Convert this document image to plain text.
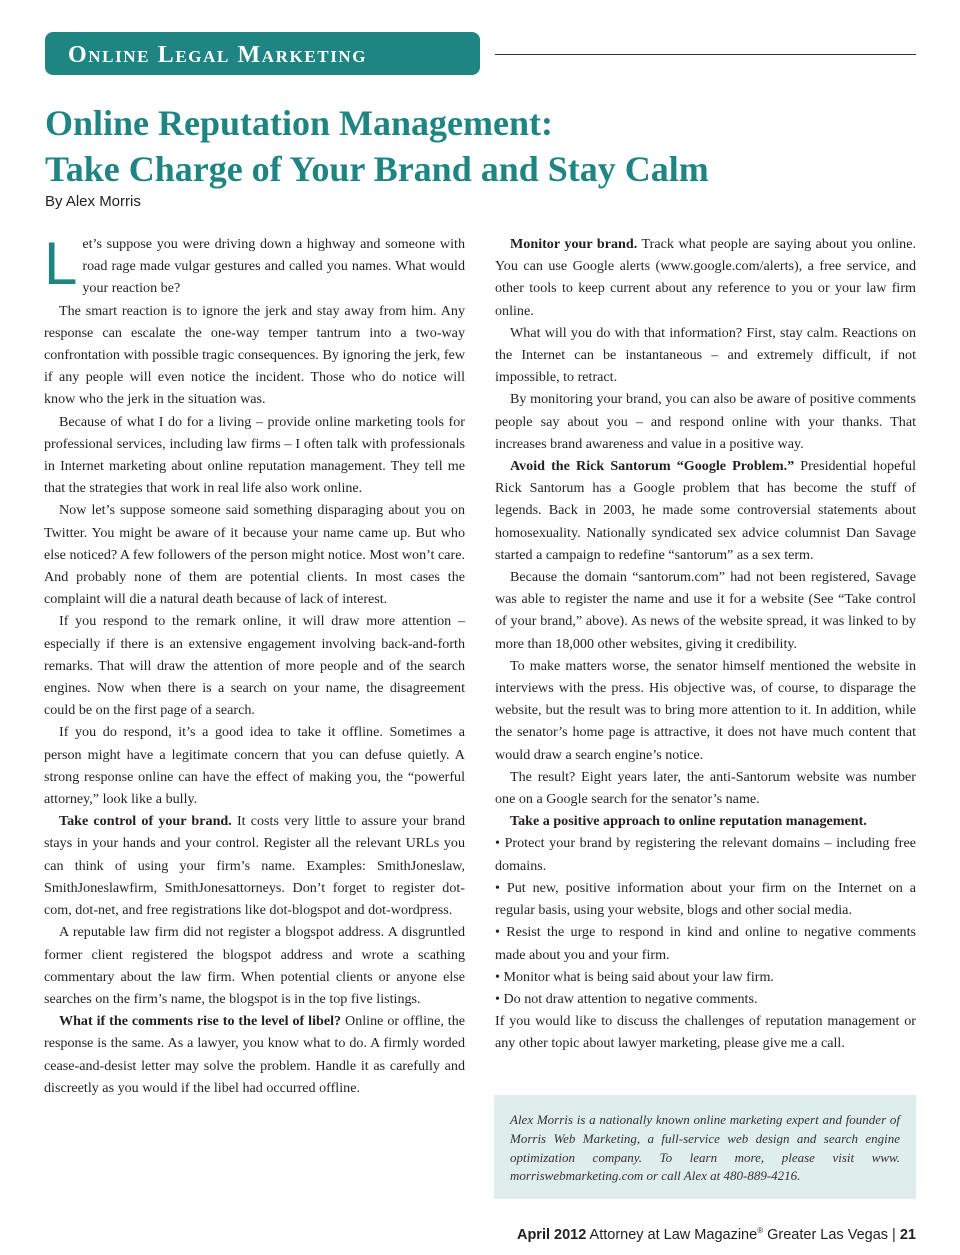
Online Legal Marketing
Online Reputation Management:
Take Charge of Your Brand and Stay Calm
By Alex Morris

Let’s suppose you were driving down a highway and someone with road rage made vulgar gestures and called you names. What would your reaction be?

The smart reaction is to ignore the jerk and stay away from him. Any response can escalate the one-way temper tantrum into a two-way confrontation with possible tragic consequences. By ignoring the jerk, few if any people will even notice the incident. Those who do notice will know who the jerk in the situation was.

Because of what I do for a living – provide online marketing tools for professional services, including law firms – I often talk with professionals in Internet marketing about online reputation management. They tell me that the strategies that work in real life also work online.

Now let’s suppose someone said something disparaging about you on Twitter. You might be aware of it because your name came up. But who else noticed? A few followers of the person might notice. Most won’t care. And probably none of them are potential clients. In most cases the complaint will die a natural death because of lack of interest.

If you respond to the remark online, it will draw more attention – especially if there is an extensive engagement involving back-and-forth remarks. That will draw the attention of more people and of the search engines. Now when there is a search on your name, the disagreement could be on the first page of a search.

If you do respond, it’s a good idea to take it offline. Sometimes a person might have a legitimate concern that you can defuse quietly. A strong response online can have the effect of making you, the “powerful attorney,” look like a bully.

Take control of your brand. It costs very little to assure your brand stays in your hands and your control. Register all the relevant URLs you can think of using your firm’s name. Examples: SmithJoneslaw, SmithJoneslawfirm, SmithJonesattorneys. Don’t forget to register dot-com, dot-net, and free registrations like dot-blogspot and dot-wordpress.

A reputable law firm did not register a blogspot address. A disgruntled former client registered the blogspot address and wrote a scathing commentary about the law firm. When potential clients or anyone else searches on the firm’s name, the blogspot is in the top five listings.

What if the comments rise to the level of libel? Online or offline, the response is the same. As a lawyer, you know what to do. A firmly worded cease-and-desist letter may solve the problem. Handle it as carefully and discreetly as you would if the libel had occurred offline.

Monitor your brand. Track what people are saying about you online. You can use Google alerts (www.google.com/alerts), a free service, and other tools to keep current about any reference to you or your law firm online.

What will you do with that information? First, stay calm. Reactions on the Internet can be instantaneous – and extremely difficult, if not impossible, to retract.

By monitoring your brand, you can also be aware of positive comments people say about you – and respond online with your thanks. That increases brand awareness and value in a positive way.

Avoid the Rick Santorum “Google Problem.” Presidential hopeful Rick Santorum has a Google problem that has become the stuff of legends. Back in 2003, he made some controversial statements about homosexuality. Nationally syndicated sex advice columnist Dan Savage started a campaign to redefine “santorum” as a sex term.

Because the domain “santorum.com” had not been registered, Savage was able to register the name and use it for a website (See “Take control of your brand,” above). As news of the website spread, it was linked to by more than 18,000 other websites, giving it credibility.

To make matters worse, the senator himself mentioned the website in interviews with the press. His objective was, of course, to disparage the website, but the result was to bring more attention to it. In addition, while the senator’s home page is attractive, it does not have much content that would draw a search engine’s notice.

The result? Eight years later, the anti-Santorum website was number one on a Google search for the senator’s name.

Take a positive approach to online reputation management.

• Protect your brand by registering the relevant domains – including free domains.

• Put new, positive information about your firm on the Internet on a regular basis, using your website, blogs and other social media.

• Resist the urge to respond in kind and online to negative comments made about you and your firm.

• Monitor what is being said about your law firm.

• Do not draw attention to negative comments.

If you would like to discuss the challenges of reputation management or any other topic about lawyer marketing, please give me a call.

Alex Morris is a nationally known online marketing expert and founder of Morris Web Marketing, a full-service web design and search engine optimization company. To learn more, please visit www. morriswebmarketing.com or call Alex at 480-889-4216.
April 2012 Attorney at Law Magazine® Greater Las Vegas | 21
